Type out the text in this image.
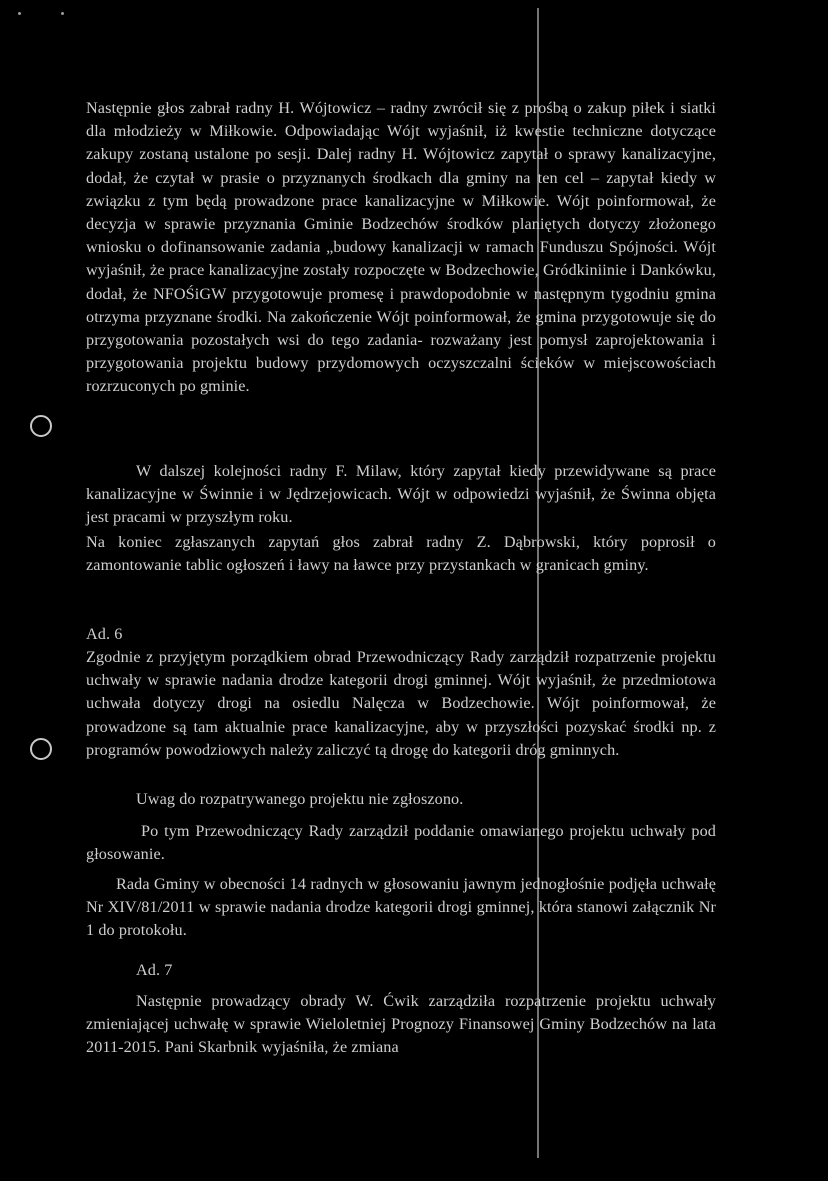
Następnie głos zabrał radny H. Wójtowicz – radny zwrócił się z prośbą o zakup piłek i siatki dla młodzieży w Miłkowie. Odpowiadając Wójt wyjaśnił, iż kwestie techniczne dotyczące zakupy zostaną ustalone po sesji. Dalej radny H. Wójtowicz zapytał o sprawy kanalizacyjne, dodał, że czytał w prasie o przyznanych środkach dla gminy na ten cel – zapytał kiedy w związku z tym będą prowadzone prace kanalizacyjne w Miłkowie. Wójt poinformował, że decyzja w sprawie przyznania Gminie Bodzechów środków planiętych dotyczy złożonego wniosku o dofinansowanie zadania „budowy kanalizacji w ramach Funduszu Spójności. Wójt wyjaśnił, że prace kanalizacyjne zostały rozpoczęte w Bodzechowie, Gródkiniinie i Dankówku, dodał, że NFOŚiGW przygotowuje promesę i prawdopodobnie w następnym tygodniu gmina otrzyma przyznane środki. Na zakończenie Wójt poinformował, że gmina przygotowuje się do przygotowania pozostałych wsi do tego zadania- rozważany jest pomysł zaprojektowania i przygotowania projektu budowy przydomowych oczyszczalni ścieków w miejscowościach rozrzuconych po gminie.

W dalszej kolejności radny F. Milaw, który zapytał kiedy przewidywane są prace kanalizacyjne w Świnnie i w Jędrzejowicach. Wójt w odpowiedzi wyjaśnił, że Świnna objęta jest pracami w przyszłym roku.

Na koniec zgłaszanych zapytań głos zabrał radny Z. Dąbrowski, który poprosił o zamontowanie tablic ogłoszeń i ławy na ławce przy przystankach w granicach gminy.

Ad. 6

Zgodnie z przyjętym porządkiem obrad Przewodniczący Rady zarządził rozpatrzenie projektu uchwały w sprawie nadania drodze kategorii drogi gminnej. Wójt wyjaśnił, że przedmiotowa uchwała dotyczy drogi na osiedlu Nalęcza w Bodzechowie. Wójt poinformował, że prowadzone są tam aktualnie prace kanalizacyjne, aby w przyszłości pozyskać środki np. z programów powodziowych należy zaliczyć tą drogę do kategorii dróg gminnych.

Uwag do rozpatrywanego projektu nie zgłoszono.

Po tym Przewodniczący Rady zarządził poddanie omawianego projektu uchwały pod głosowanie.

Rada Gminy w obecności 14 radnych w głosowaniu jawnym jednogłośnie podjęła uchwałę Nr XIV/81/2011 w sprawie nadania drodze kategorii drogi gminnej, która stanowi załącznik Nr 1 do protokołu.

Ad. 7

Następnie prowadzący obrady W. Ćwik zarządziła rozpatrzenie projektu uchwały zmieniającej uchwałę w sprawie Wieloletniej Prognozy Finansowej Gminy Bodzechów na lata 2011-2015. Pani Skarbnik wyjaśniła, że zmiana
